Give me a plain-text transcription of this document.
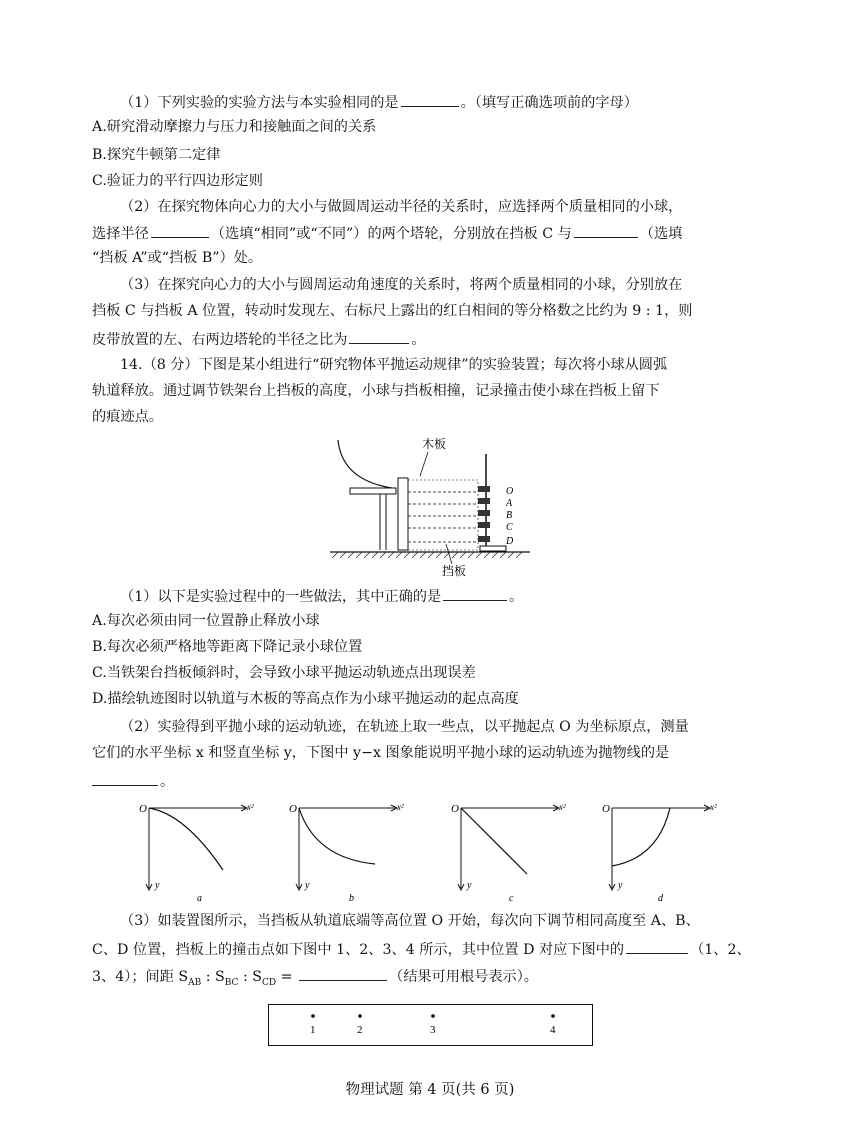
（1）下列实验的实验方法与本实验相同的是	。（填写正确选项前的字母）
A.研究滑动摩擦力与压力和接触面之间的关系
B.探究牛顿第二定律
C.验证力的平行四边形定则
（2）在探究物体向心力的大小与做圆周运动半径的关系时，应选择两个质量相同的小球，
选择半径	（选填“相同”或“不同”）的两个塔轮，分别放在挡板 C 与	（选填
“挡板 A”或“挡板 B”）处。
（3）在探究向心力的大小与圆周运动角速度的关系时，将两个质量相同的小球，分别放在
挡板 C 与挡板 A 位置，转动时发现左、右标尺上露出的红白相间的等分格数之比约为 9 : 1，则
皮带放置的左、右两边塔轮的半径之比为	。
14.（8 分）下图是某小组进行“研究物体平抛运动规律”的实验装置；每次将小球从圆弧
轨道释放。通过调节铁架台上挡板的高度，小球与挡板相撞，记录撞击使小球在挡板上留下
的痕迹点。
木板
O
A
B
C
D
挡板
（1）以下是实验过程中的一些做法，其中正确的是	。
A.每次必须由同一位置静止释放小球
B.每次必须严格地等距离下降记录小球位置
C.当铁架台挡板倾斜时，会导致小球平抛运动轨迹点出现误差
D.描绘轨迹图时以轨道与木板的等高点作为小球平抛运动的起点高度
（2）实验得到平抛小球的运动轨迹，在轨迹上取一些点，以平抛起点 O 为坐标原点，测量
它们的水平坐标 x 和竖直坐标 y，下图中 y−x 图象能说明平抛小球的运动轨迹为抛物线的是
。
O	x²
y
a
O	x²
y
b
O	x²
y
c
O	x²
y
d
（3）如装置图所示，当挡板从轨道底端等高位置 O 开始，每次向下调节相同高度至 A、B、
C、D 位置，挡板上的撞击点如下图中 1、2、3、4 所示，其中位置 D 对应下图中的	（1、2、
3、4）；间距 $S_{AB}$ : $S_{BC}$ : $S_{CD}$ =	（结果可用根号表示）。
1	2	3	4
物理试题 第 4 页(共 6 页)
